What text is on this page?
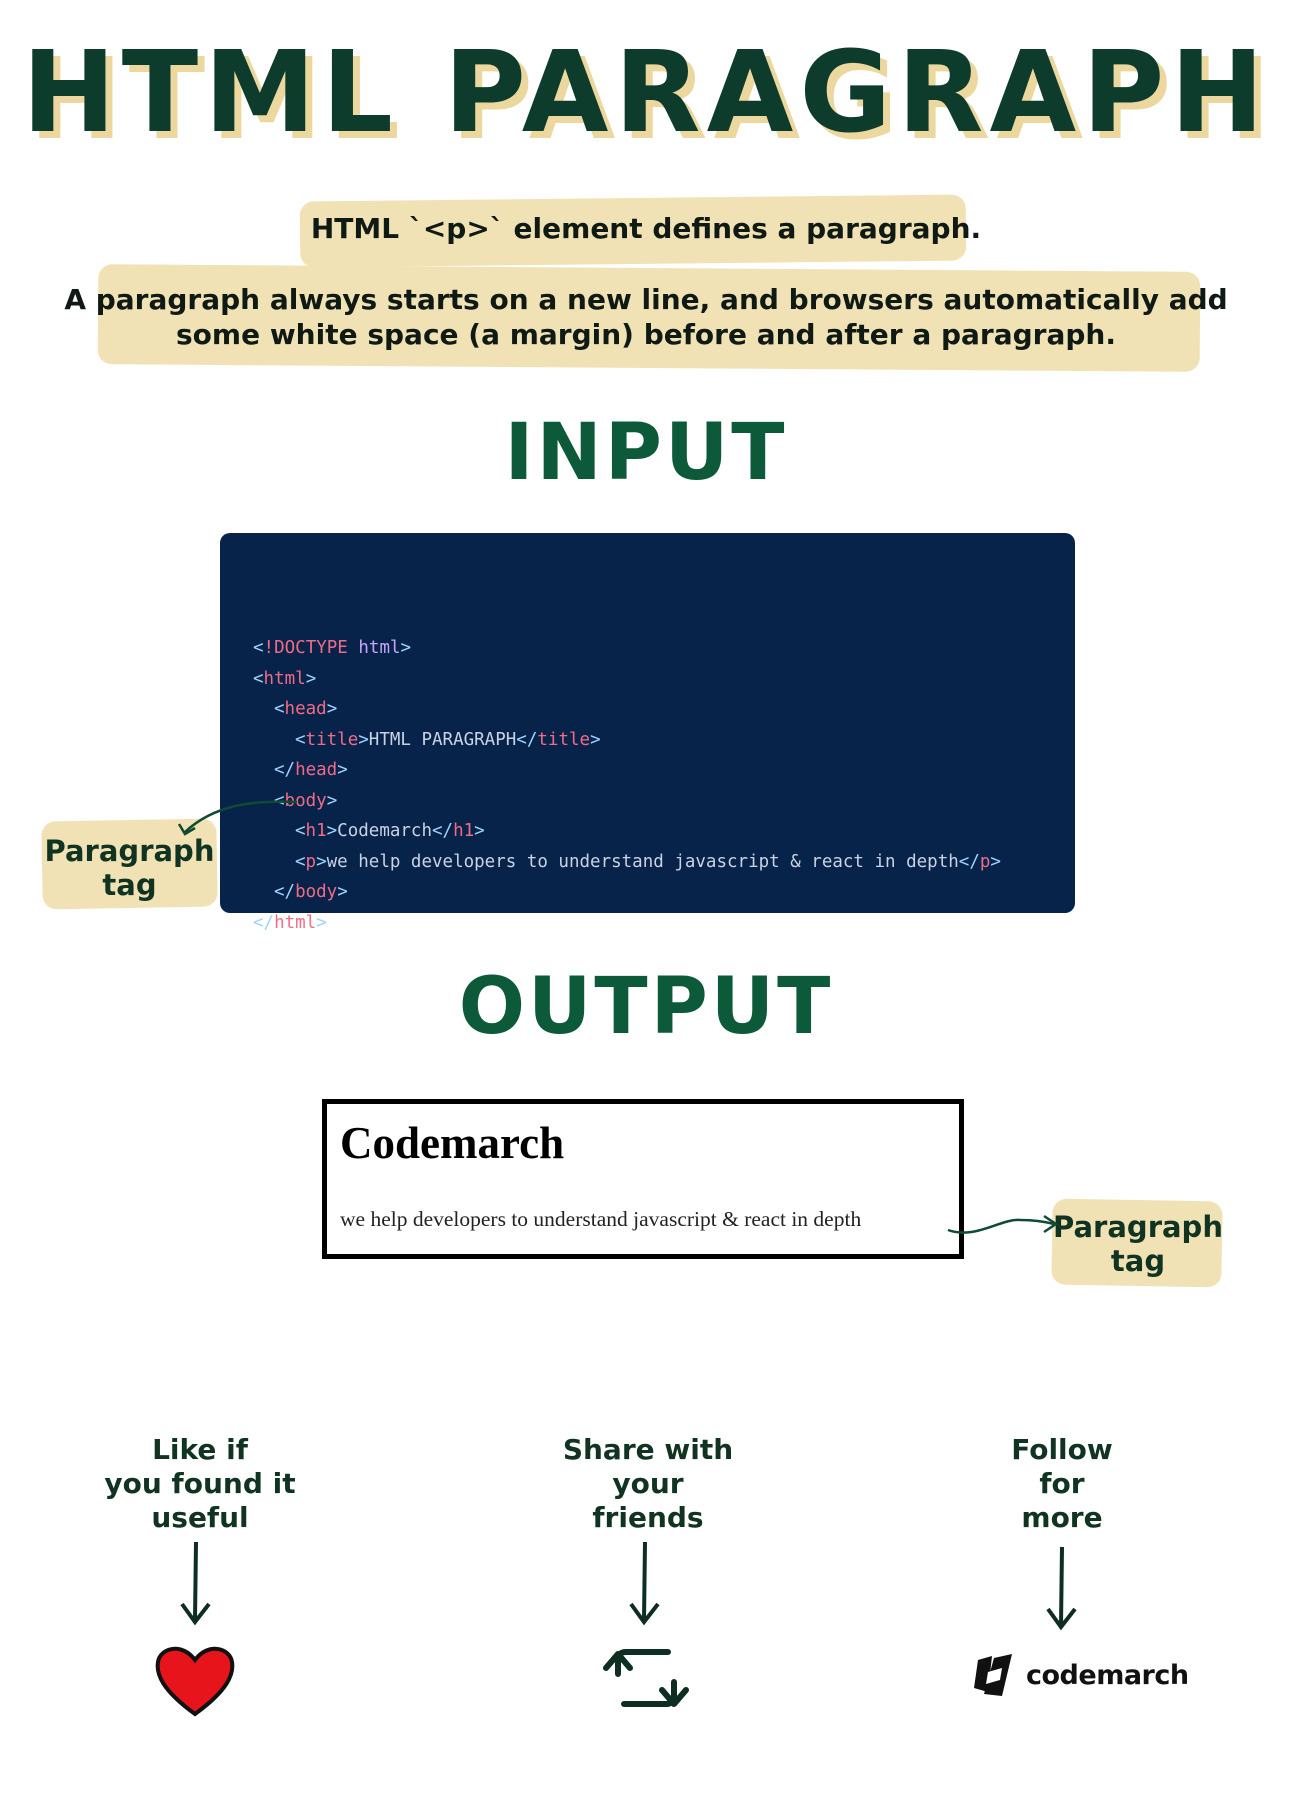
HTML PARAGRAPH
HTML `<p>` element defines a paragraph.
A paragraph always starts on a new line, and browsers automatically add
some white space (a margin) before and after a paragraph.
INPUT

<!DOCTYPE html>
<html>
<head>
<title>HTML PARAGRAPH</title>
</head>
<body>
<h1>Codemarch</h1>
<p>we help developers to understand javascript & react in depth</p>
</body>
</html>
Paragraph
tag
OUTPUT
Codemarch
we help developers to understand javascript & react in depth	Paragraph
tag
Like if
you found it
useful
Share with
your
friends
Follow
for
more
codemarch
